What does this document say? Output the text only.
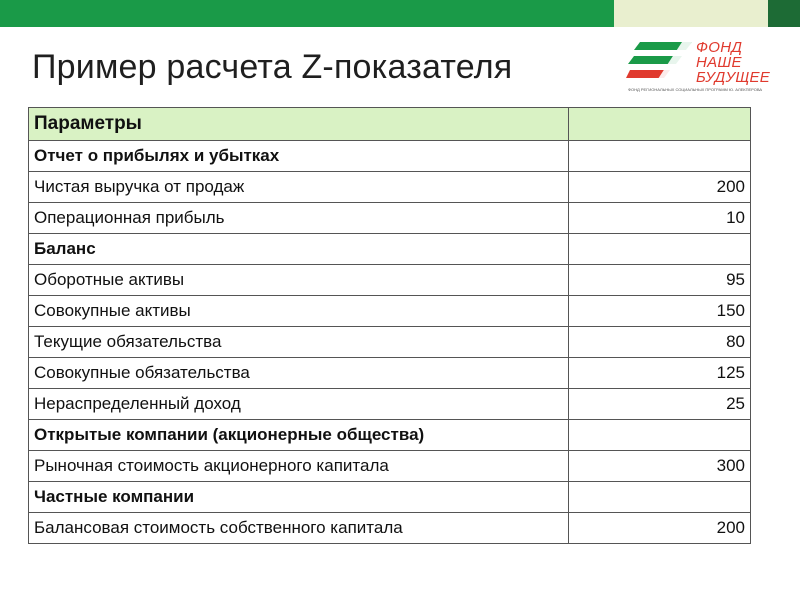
Пример расчета Z-показателя
ФОНД
НАШЕ
БУДУЩЕЕ
ФОНД РЕГИОНАЛЬНЫХ СОЦИАЛЬНЫХ ПРОГРАММ Ю. АЛЕКПЕРОВА
Параметры	
Отчет о прибылях и убытках	
Чистая выручка от продаж	200
Операционная прибыль	10
Баланс	
Оборотные активы	95
Совокупные активы	150
Текущие обязательства	80
Совокупные обязательства	125
Нераспределенный доход	25
Открытые компании (акционерные общества)	
Рыночная стоимость акционерного капитала	300
Частные компании	
Балансовая стоимость собственного капитала	200
